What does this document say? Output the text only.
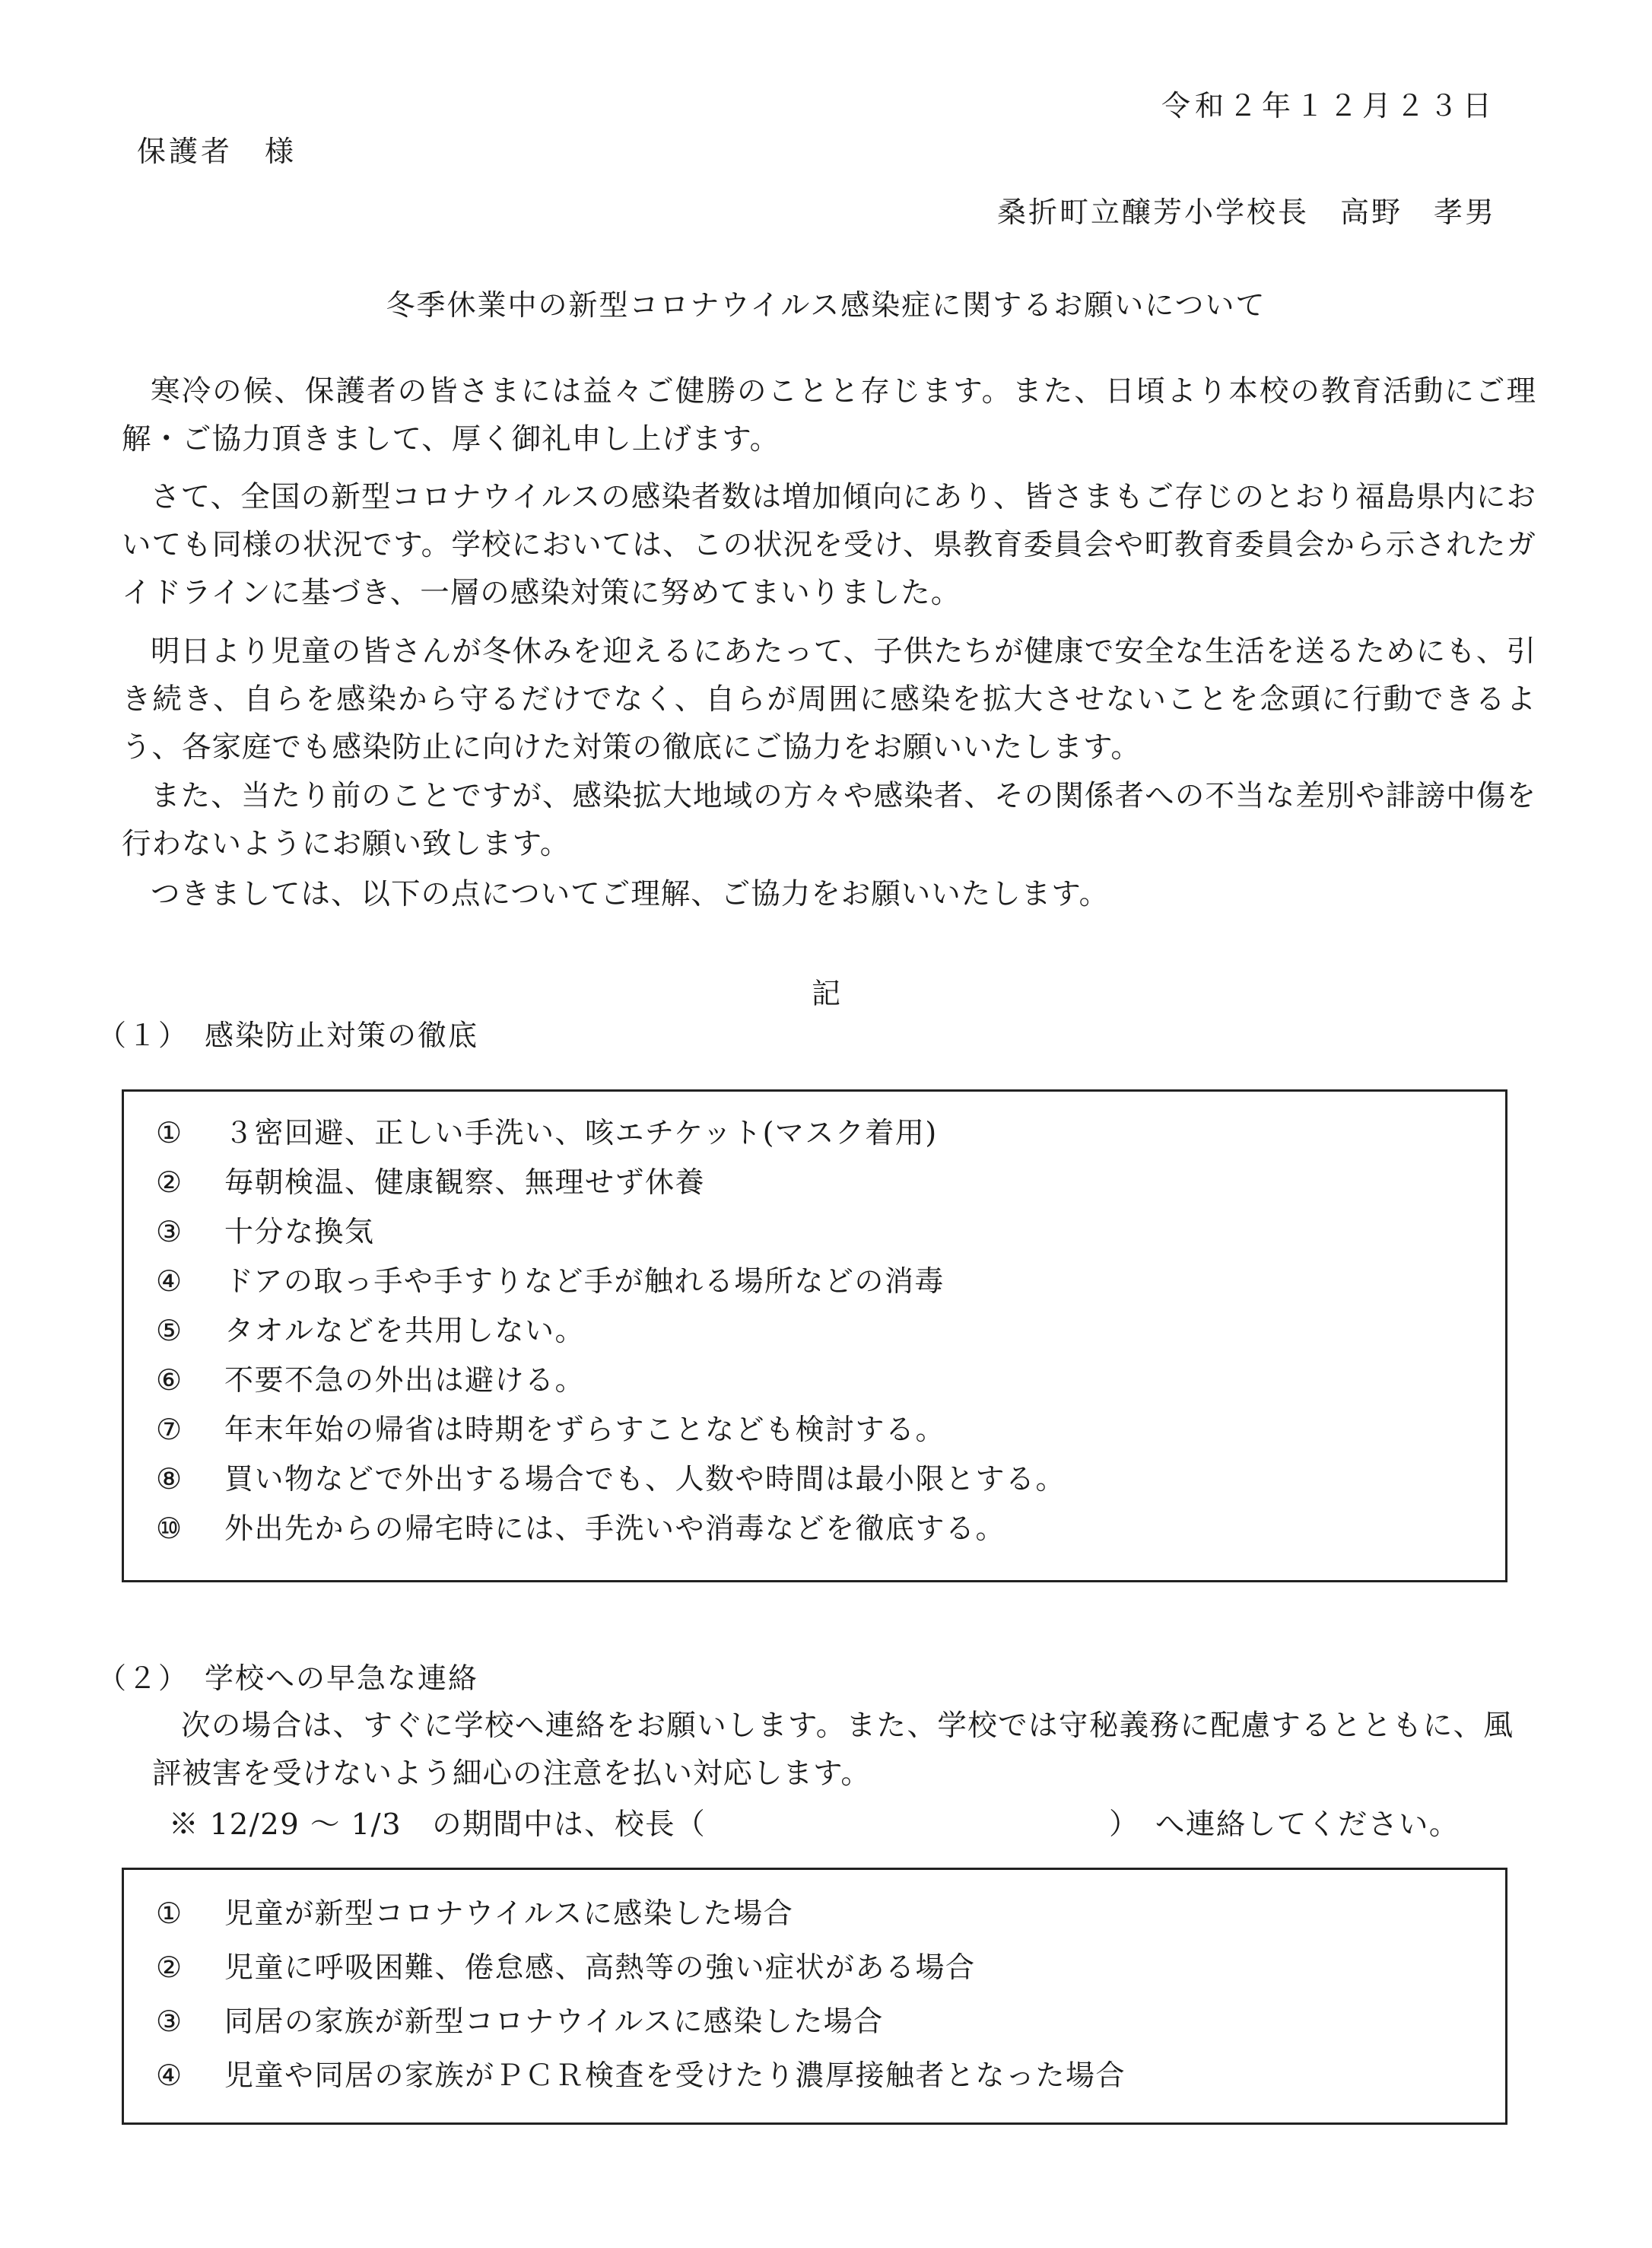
令和２年１２月２３日
保護者　様
桑折町立醸芳小学校長　高野　孝男
冬季休業中の新型コロナウイルス感染症に関するお願いについて

寒冷の候、保護者の皆さまには益々ご健勝のことと存じます。また、日頃より本校の教育活動にご理解・ご協力頂きまして、厚く御礼申し上げます。

さて、全国の新型コロナウイルスの感染者数は増加傾向にあり、皆さまもご存じのとおり福島県内においても同様の状況です。学校においては、この状況を受け、県教育委員会や町教育委員会から示されたガイドラインに基づき、一層の感染対策に努めてまいりました。

明日より児童の皆さんが冬休みを迎えるにあたって、子供たちが健康で安全な生活を送るためにも、引き続き、自らを感染から守るだけでなく、自らが周囲に感染を拡大させないことを念頭に行動できるよう、各家庭でも感染防止に向けた対策の徹底にご協力をお願いいたします。

また、当たり前のことですが、感染拡大地域の方々や感染者、その関係者への不当な差別や誹謗中傷を行わないようにお願い致します。

つきましては、以下の点についてご理解、ご協力をお願いいたします。

記
（１）　感染防止対策の徹底
① ３密回避、正しい手洗い、咳エチケット(マスク着用)
② 毎朝検温、健康観察、無理せず休養
③ 十分な換気
④ ドアの取っ手や手すりなど手が触れる場所などの消毒
⑤ タオルなどを共用しない。
⑥ 不要不急の外出は避ける。
⑦ 年末年始の帰省は時期をずらすことなども検討する。
⑧ 買い物などで外出する場合でも、人数や時間は最小限とする。
⑩ 外出先からの帰宅時には、手洗いや消毒などを徹底する。
（２）　学校への早急な連絡

次の場合は、すぐに学校へ連絡をお願いします。また、学校では守秘義務に配慮するとともに、風評被害を受けないよう細心の注意を払い対応します。

※ 12/29 ～ 1/3　の期間中は、校長（	）　へ連絡してください。
① 児童が新型コロナウイルスに感染した場合
② 児童に呼吸困難、倦怠感、高熱等の強い症状がある場合
③ 同居の家族が新型コロナウイルスに感染した場合
④ 児童や同居の家族がＰＣＲ検査を受けたり濃厚接触者となった場合
